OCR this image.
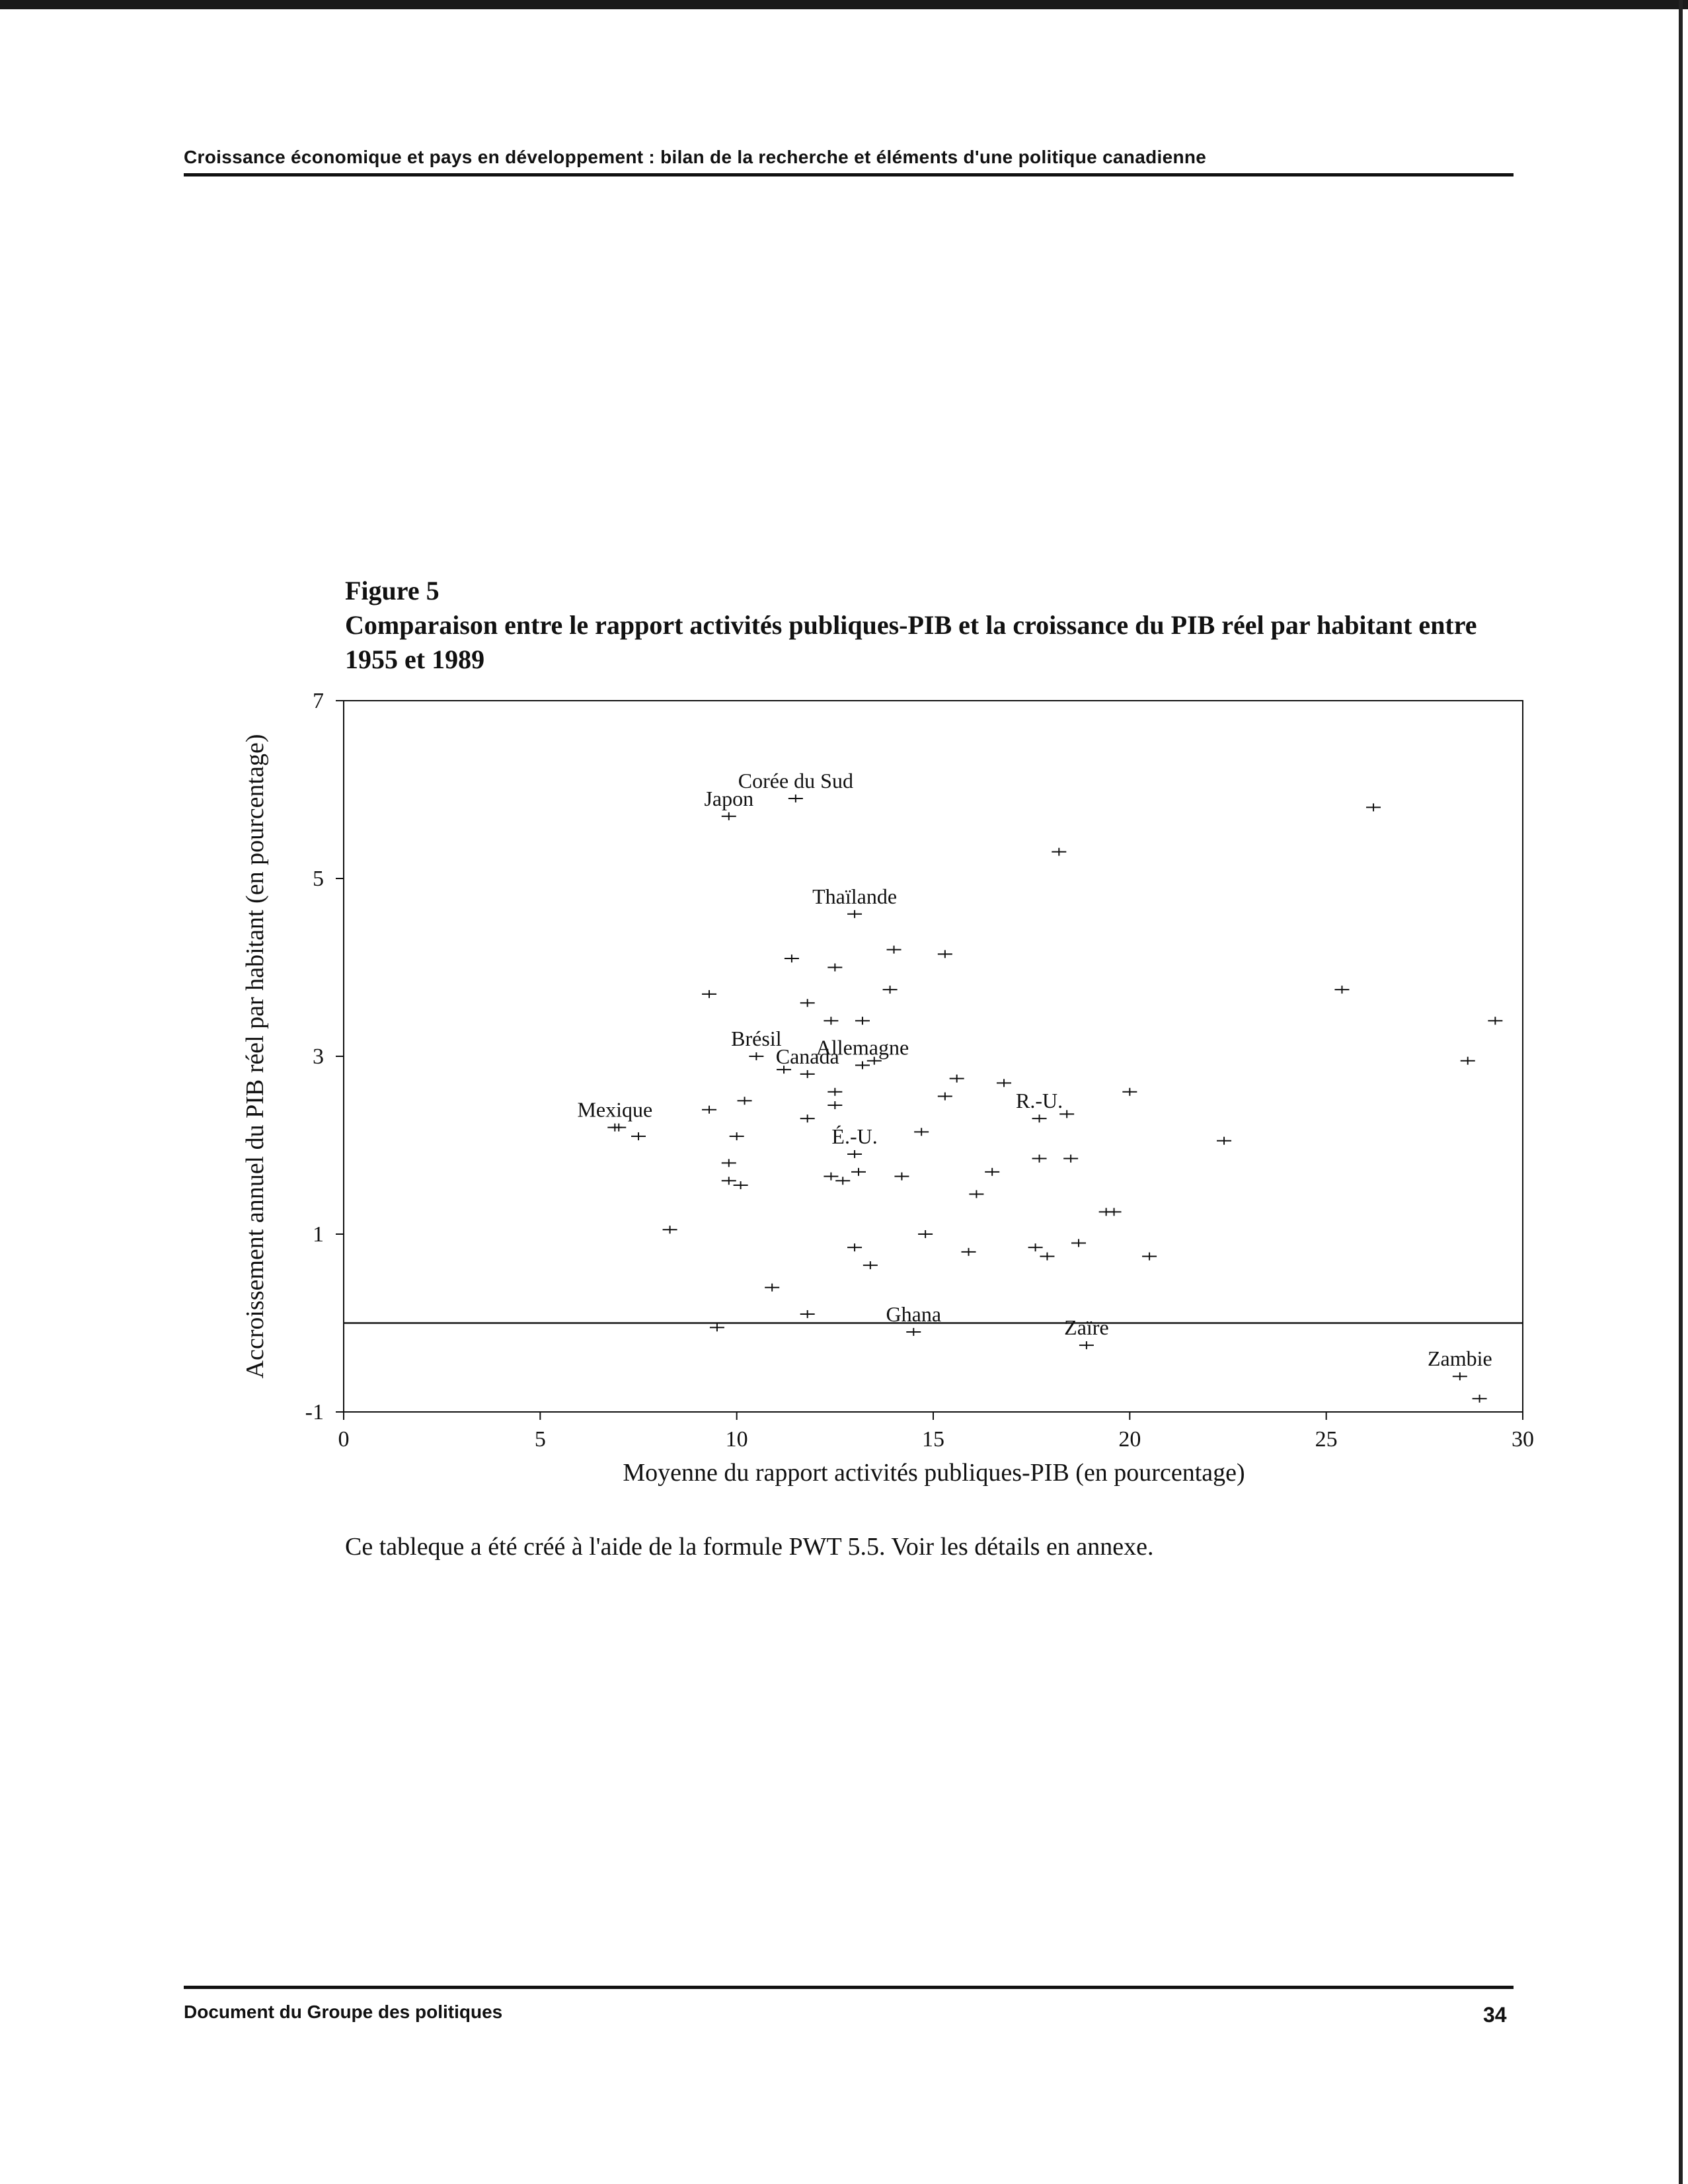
Croissance économique et pays en développement : bilan de la recherche et éléments d'une politique canadienne
Figure 5
Comparaison entre le rapport activités publiques-PIB et la croissance du PIB réel par habitant entre 1955 et 1989
0	5	10	15	20	25	30
-1
1
3
5
7
Corée du Sud
Japon
Thaïlande
Brésil
Canada
Allemagne
Mexique	R.-U.
É.-U.
Ghana
Zaïre
Zambie
Moyenne du rapport activités publiques-PIB (en pourcentage)
Accroissement annuel du PIB réel par habitant (en pourcentage)
Ce tableque a été créé à l'aide de la formule PWT 5.5. Voir les détails en annexe.
Document du Groupe des politiques	34
